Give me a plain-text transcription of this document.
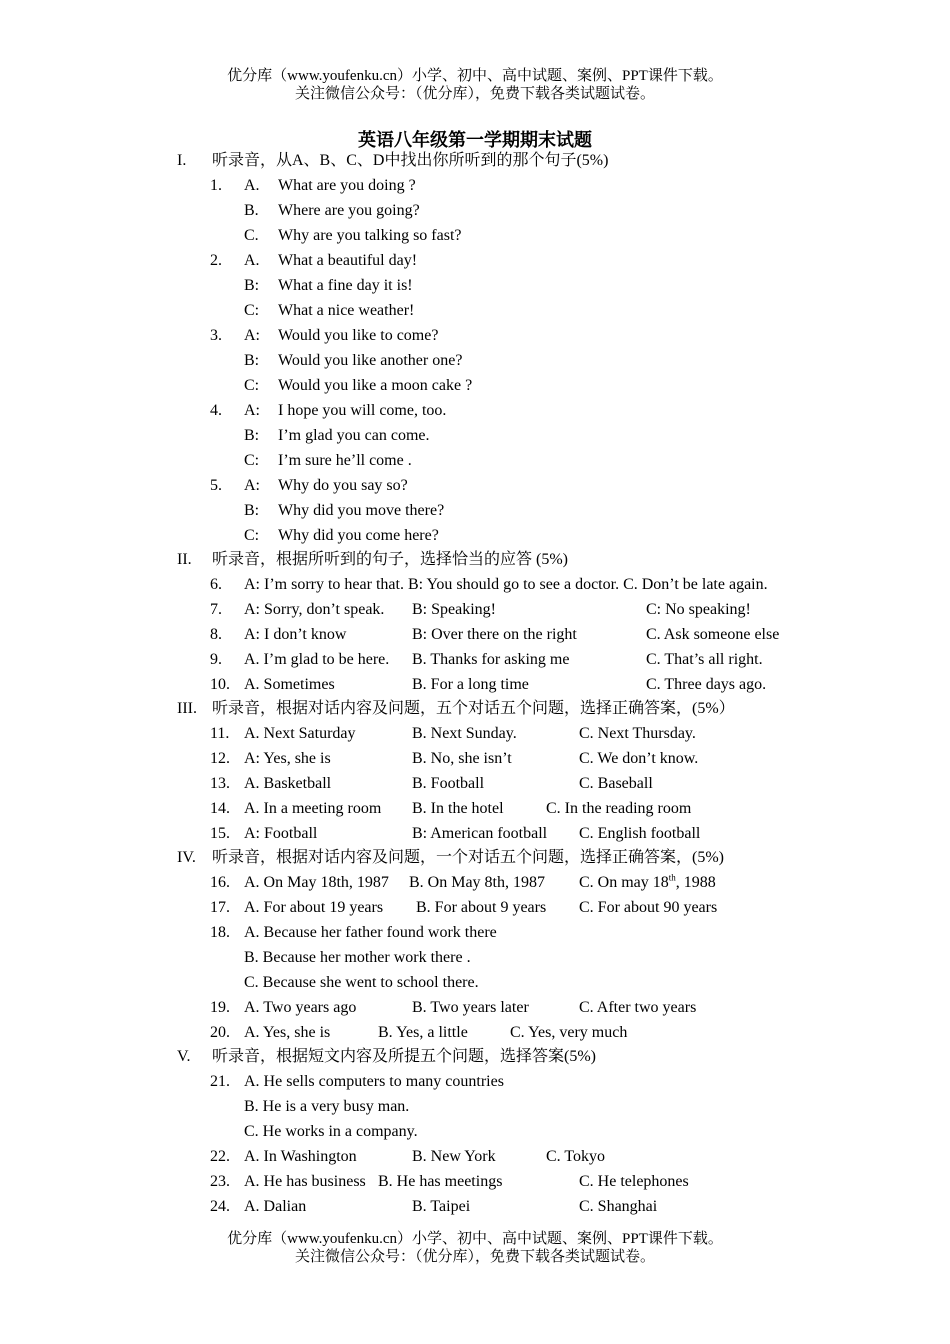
优分库（www.youfenku.cn）小学、初中、高中试题、案例、PPT课件下载。
关注微信公众号：（优分库），免费下载各类试题试卷。
英语八年级第一学期期末试题
I. 听录音，从A、B、C、D中找出你所听到的那个句子(5%)
1. A. What are you doing ?
B. Where are you going?
C. Why are you talking so fast?
2. A. What a beautiful day!
B: What a fine day it is!
C: What a nice weather!
3. A: Would you like to come?
B: Would you like another one?
C: Would you like a moon cake ?
4. A: I hope you will come, too.
B: I’m glad you can come.
C: I’m sure he’ll come .
5. A: Why do you say so?
B: Why did you move there?
C: Why did you come here?
II. 听录音，根据所听到的句子，选择恰当的应答 (5%)
6. A: I’m sorry to hear that. B: You should go to see a doctor. C. Don’t be late again.
7. A: Sorry, don’t speak. B: Speaking!	C: No speaking!
8. A: I don’t know	B: Over there on the right	C. Ask someone else
9. A. I’m glad to be here. B. Thanks for asking me	C. That’s all right.
10. A. Sometimes	B. For a long time	C. Three days ago.
III. 听录音，根据对话内容及问题，五个对话五个问题，选择正确答案，(5%）
11. A. Next Saturday	B. Next Sunday.	C. Next Thursday.
12. A: Yes, she is	B. No, she isn’t	C. We don’t know.
13. A. Basketball	B. Football	C. Baseball
14. A. In a meeting room B. In the hotel	C. In the reading room
15. A: Football	B: American football C. English football
IV. 听录音，根据对话内容及问题，一个对话五个问题，选择正确答案，(5%)
16. A. On May 18th, 1987 B. On May 8th, 1987 C. On may 18th, 1988
17. A. For about 19 years B. For about 9 years C. For about 90 years
18. A. Because her father found work there
B. Because her mother work there .
C. Because she went to school there.
19. A. Two years ago	B. Two years later	C. After two years
20. A. Yes, she is	B. Yes, a little	C. Yes, very much
V. 听录音，根据短文内容及所提五个问题，选择答案(5%)
21. A. He sells computers to many countries
B. He is a very busy man.
C. He works in a company.
22. A. In Washington	B. New York	C. Tokyo
23. A. He has business B. He has meetings	C. He telephones
24. A. Dalian	B. Taipei	C. Shanghai
优分库（www.youfenku.cn）小学、初中、高中试题、案例、PPT课件下载。
关注微信公众号：（优分库），免费下载各类试题试卷。
